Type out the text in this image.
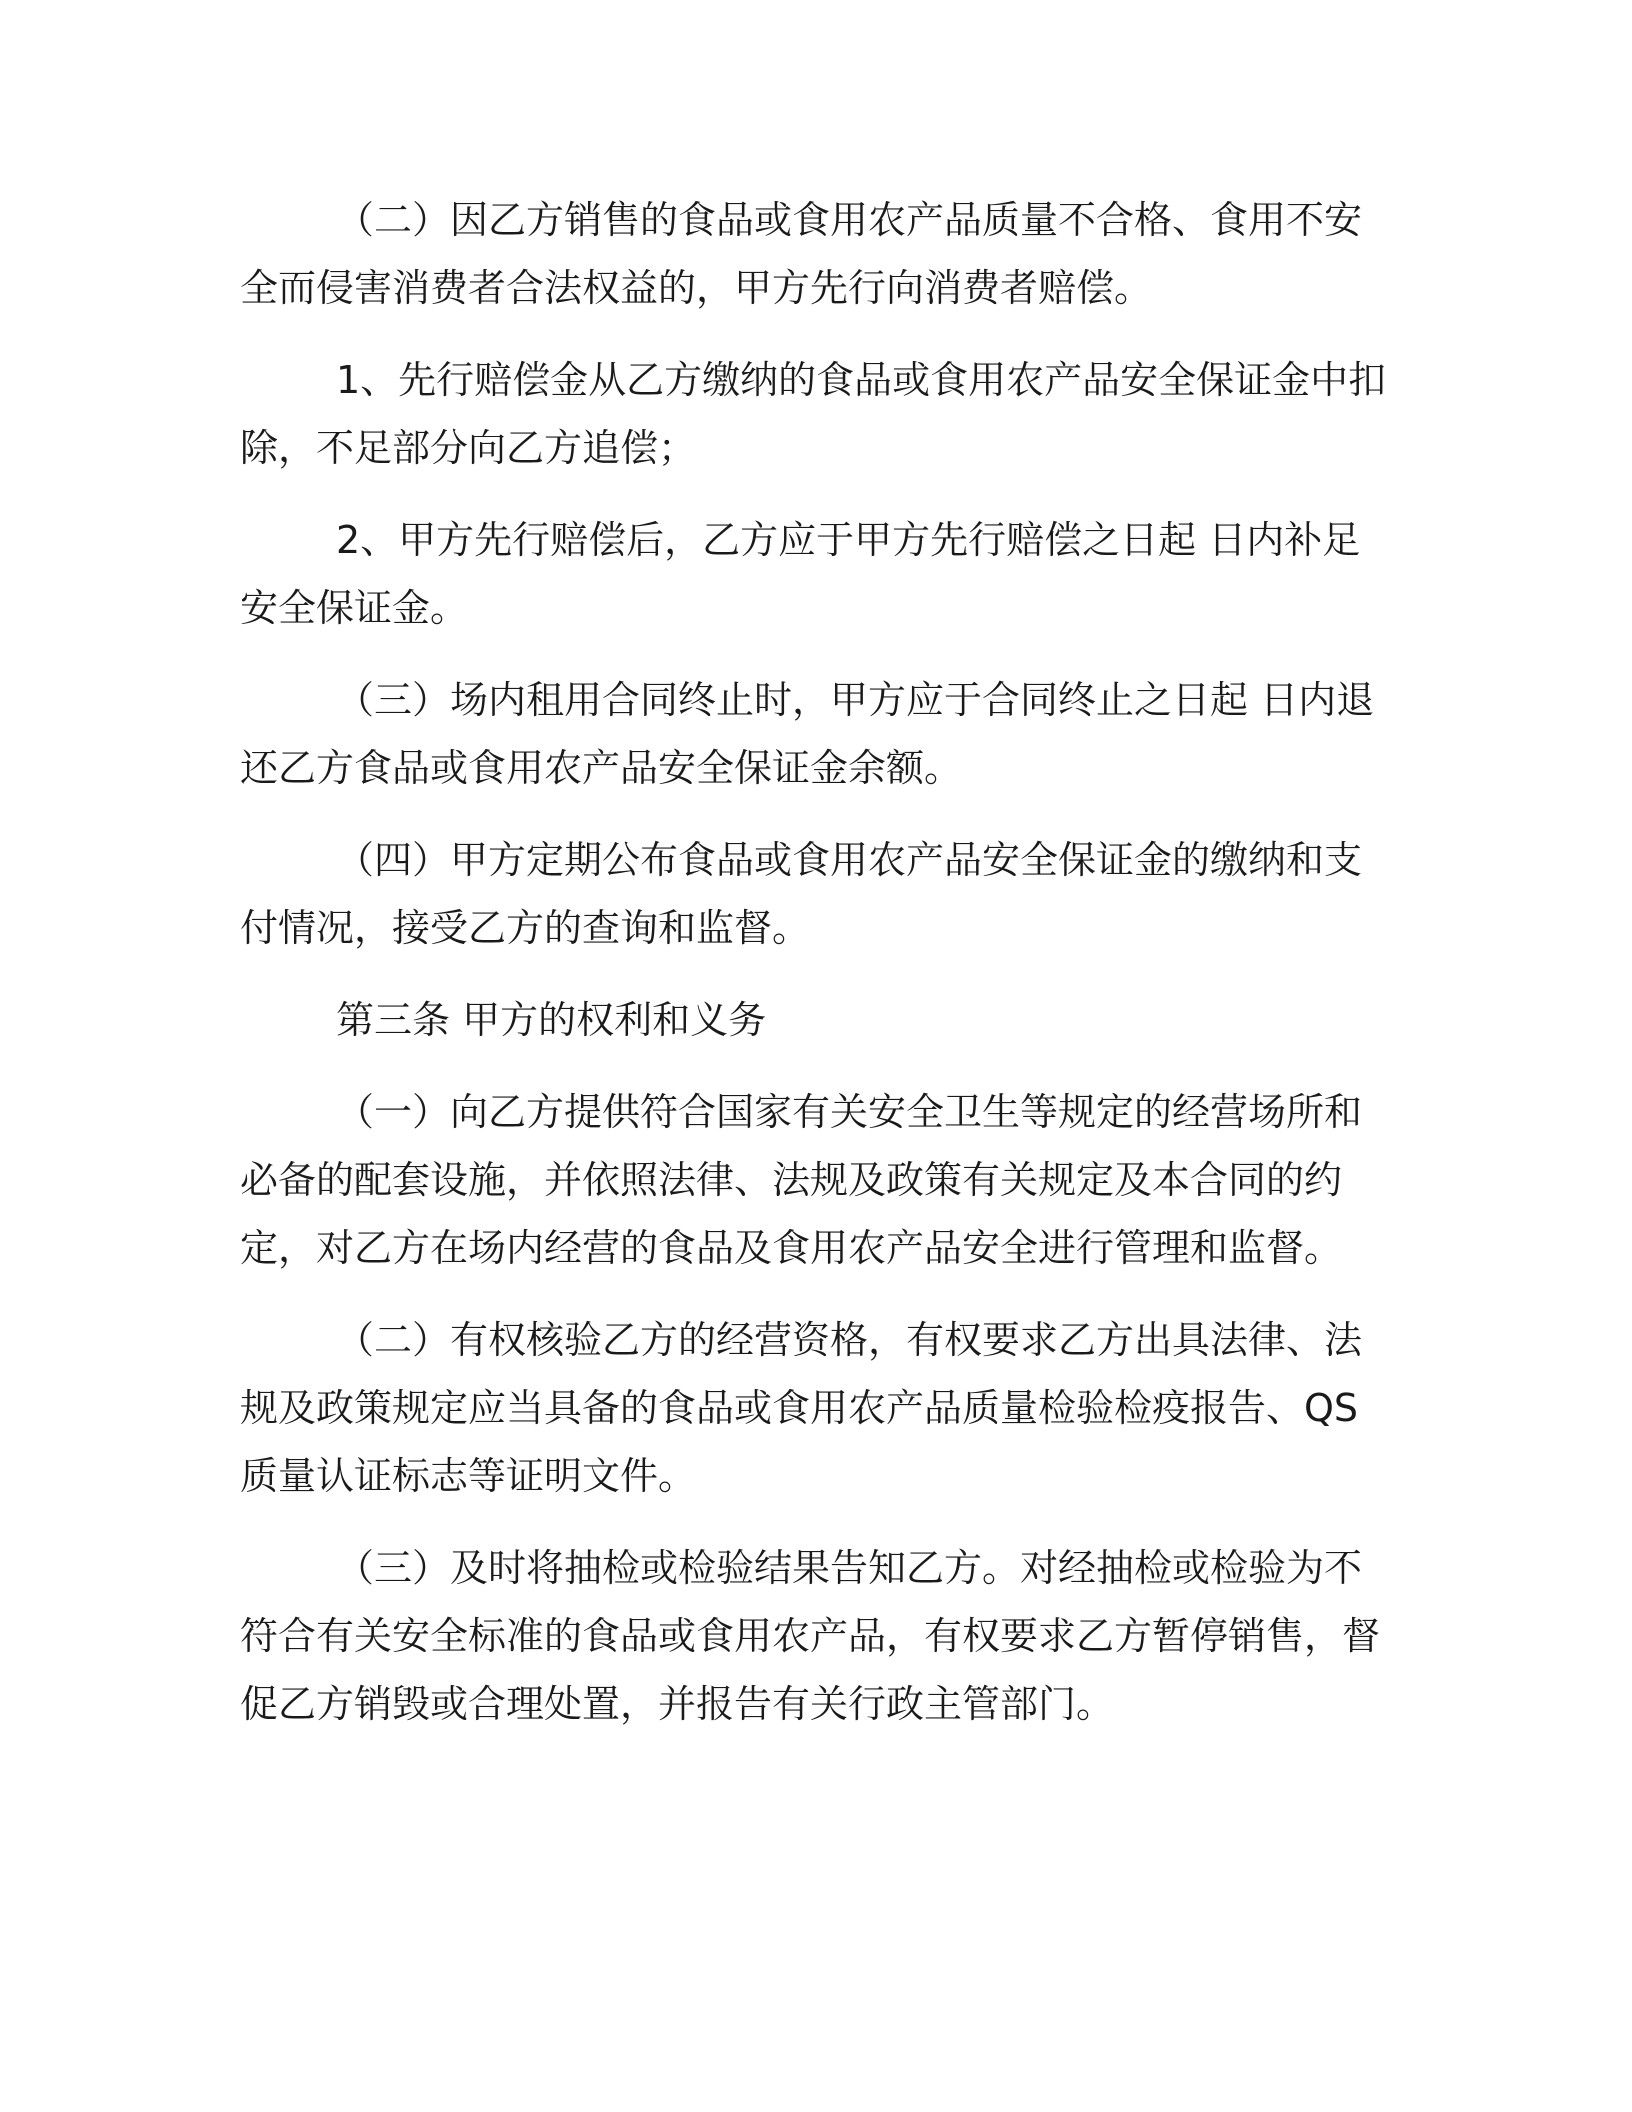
（二）因乙方销售的食品或食用农产品质量不合格、食用不安全而侵害消费者合法权益的，甲方先行向消费者赔偿。

1、先行赔偿金从乙方缴纳的食品或食用农产品安全保证金中扣除，不足部分向乙方追偿；

2、甲方先行赔偿后，乙方应于甲方先行赔偿之日起 日内补足安全保证金。

（三）场内租用合同终止时，甲方应于合同终止之日起 日内退还乙方食品或食用农产品安全保证金余额。

（四）甲方定期公布食品或食用农产品安全保证金的缴纳和支付情况，接受乙方的查询和监督。

第三条 甲方的权利和义务

（一）向乙方提供符合国家有关安全卫生等规定的经营场所和必备的配套设施，并依照法律、法规及政策有关规定及本合同的约定，对乙方在场内经营的食品及食用农产品安全进行管理和监督。

（二）有权核验乙方的经营资格，有权要求乙方出具法律、法规及政策规定应当具备的食品或食用农产品质量检验检疫报告、QS 质量认证标志等证明文件。

（三）及时将抽检或检验结果告知乙方。对经抽检或检验为不符合有关安全标准的食品或食用农产品，有权要求乙方暂停销售，督促乙方销毁或合理处置，并报告有关行政主管部门。
